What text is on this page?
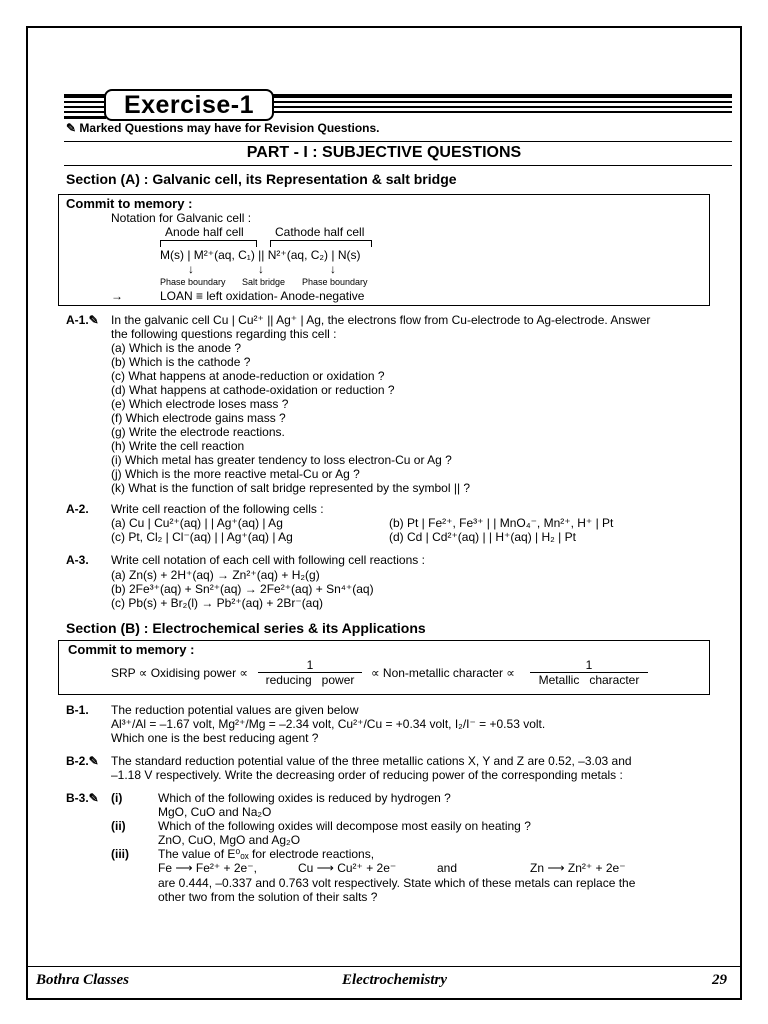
Exercise-1
✎ Marked Questions may have for Revision Questions.
PART - I : SUBJECTIVE QUESTIONS
Section (A) : Galvanic cell, its Representation & salt bridge
Commit to memory :
Notation for Galvanic cell :
Anode half cell	Cathode half cell
M(s) | M²⁺(aq, C₁) || N²⁺(aq, C₂) | N(s)
↓	↓	↓
Phase boundary Salt bridge Phase boundary
→	LOAN ≡ left oxidation- Anode-negative
A-1.✎ In the galvanic cell Cu | Cu²⁺ || Ag⁺ | Ag, the electrons flow from Cu-electrode to Ag-electrode. Answer
the following questions regarding this cell :
(a) Which is the anode ?
(b) Which is the cathode ?
(c) What happens at anode-reduction or oxidation ?
(d) What happens at cathode-oxidation or reduction ?
(e) Which electrode loses mass ?
(f) Which electrode gains mass ?
(g) Write the electrode reactions.
(h) Write the cell reaction
(i) Which metal has greater tendency to loss electron-Cu or Ag ?
(j) Which is the more reactive metal-Cu or Ag ?
(k) What is the function of salt bridge represented by the symbol || ?
A-2. Write cell reaction of the following cells :
(a) Cu | Cu²⁺(aq) | | Ag⁺(aq) | Ag	(b) Pt | Fe²⁺, Fe³⁺ | | MnO₄⁻, Mn²⁺, H⁺ | Pt
(c) Pt, Cl₂ | Cl⁻(aq) | | Ag⁺(aq) | Ag	(d) Cd | Cd²⁺(aq) | | H⁺(aq) | H₂ | Pt
A-3. Write cell notation of each cell with following cell reactions :
(a) Zn(s) + 2H⁺(aq) → Zn²⁺(aq) + H₂(g)
(b) 2Fe³⁺(aq) + Sn²⁺(aq) → 2Fe²⁺(aq) + Sn⁴⁺(aq)
(c) Pb(s) + Br₂(l) → Pb²⁺(aq) + 2Br⁻(aq)
Section (B) : Electrochemical series & its Applications
Commit to memory :
SRP ∝ Oxidising power ∝ $\frac{1}{\text{reducing   power}}$ ∝ Non-metallic character ∝ $\frac{1}{\text{Metallic   character}}$
B-1. The reduction potential values are given below
Al³⁺/Al = –1.67 volt, Mg²⁺/Mg = –2.34 volt, Cu²⁺/Cu = +0.34 volt, I₂/I⁻ = +0.53 volt.
Which one is the best reducing agent ?
B-2.✎ The standard reduction potential value of the three metallic cations X, Y and Z are 0.52, –3.03 and
–1.18 V respectively. Write the decreasing order of reducing power of the corresponding metals :
B-3.✎ (i)	Which of the following oxides is reduced by hydrogen ?
MgO, CuO and Na₂O
(ii)	Which of the following oxides will decompose most easily on heating ?
ZnO, CuO, MgO and Ag₂O
(iii) The value of E⁰ₒₓ for electrode reactions,
Fe ⟶ Fe²⁺ + 2e⁻,	Cu ⟶ Cu²⁺ + 2e⁻	and	Zn ⟶ Zn²⁺ + 2e⁻
are 0.444, –0.337 and 0.763 volt respectively. State which of these metals can replace the
other two from the solution of their salts ?
Bothra Classes	Electrochemistry	29
